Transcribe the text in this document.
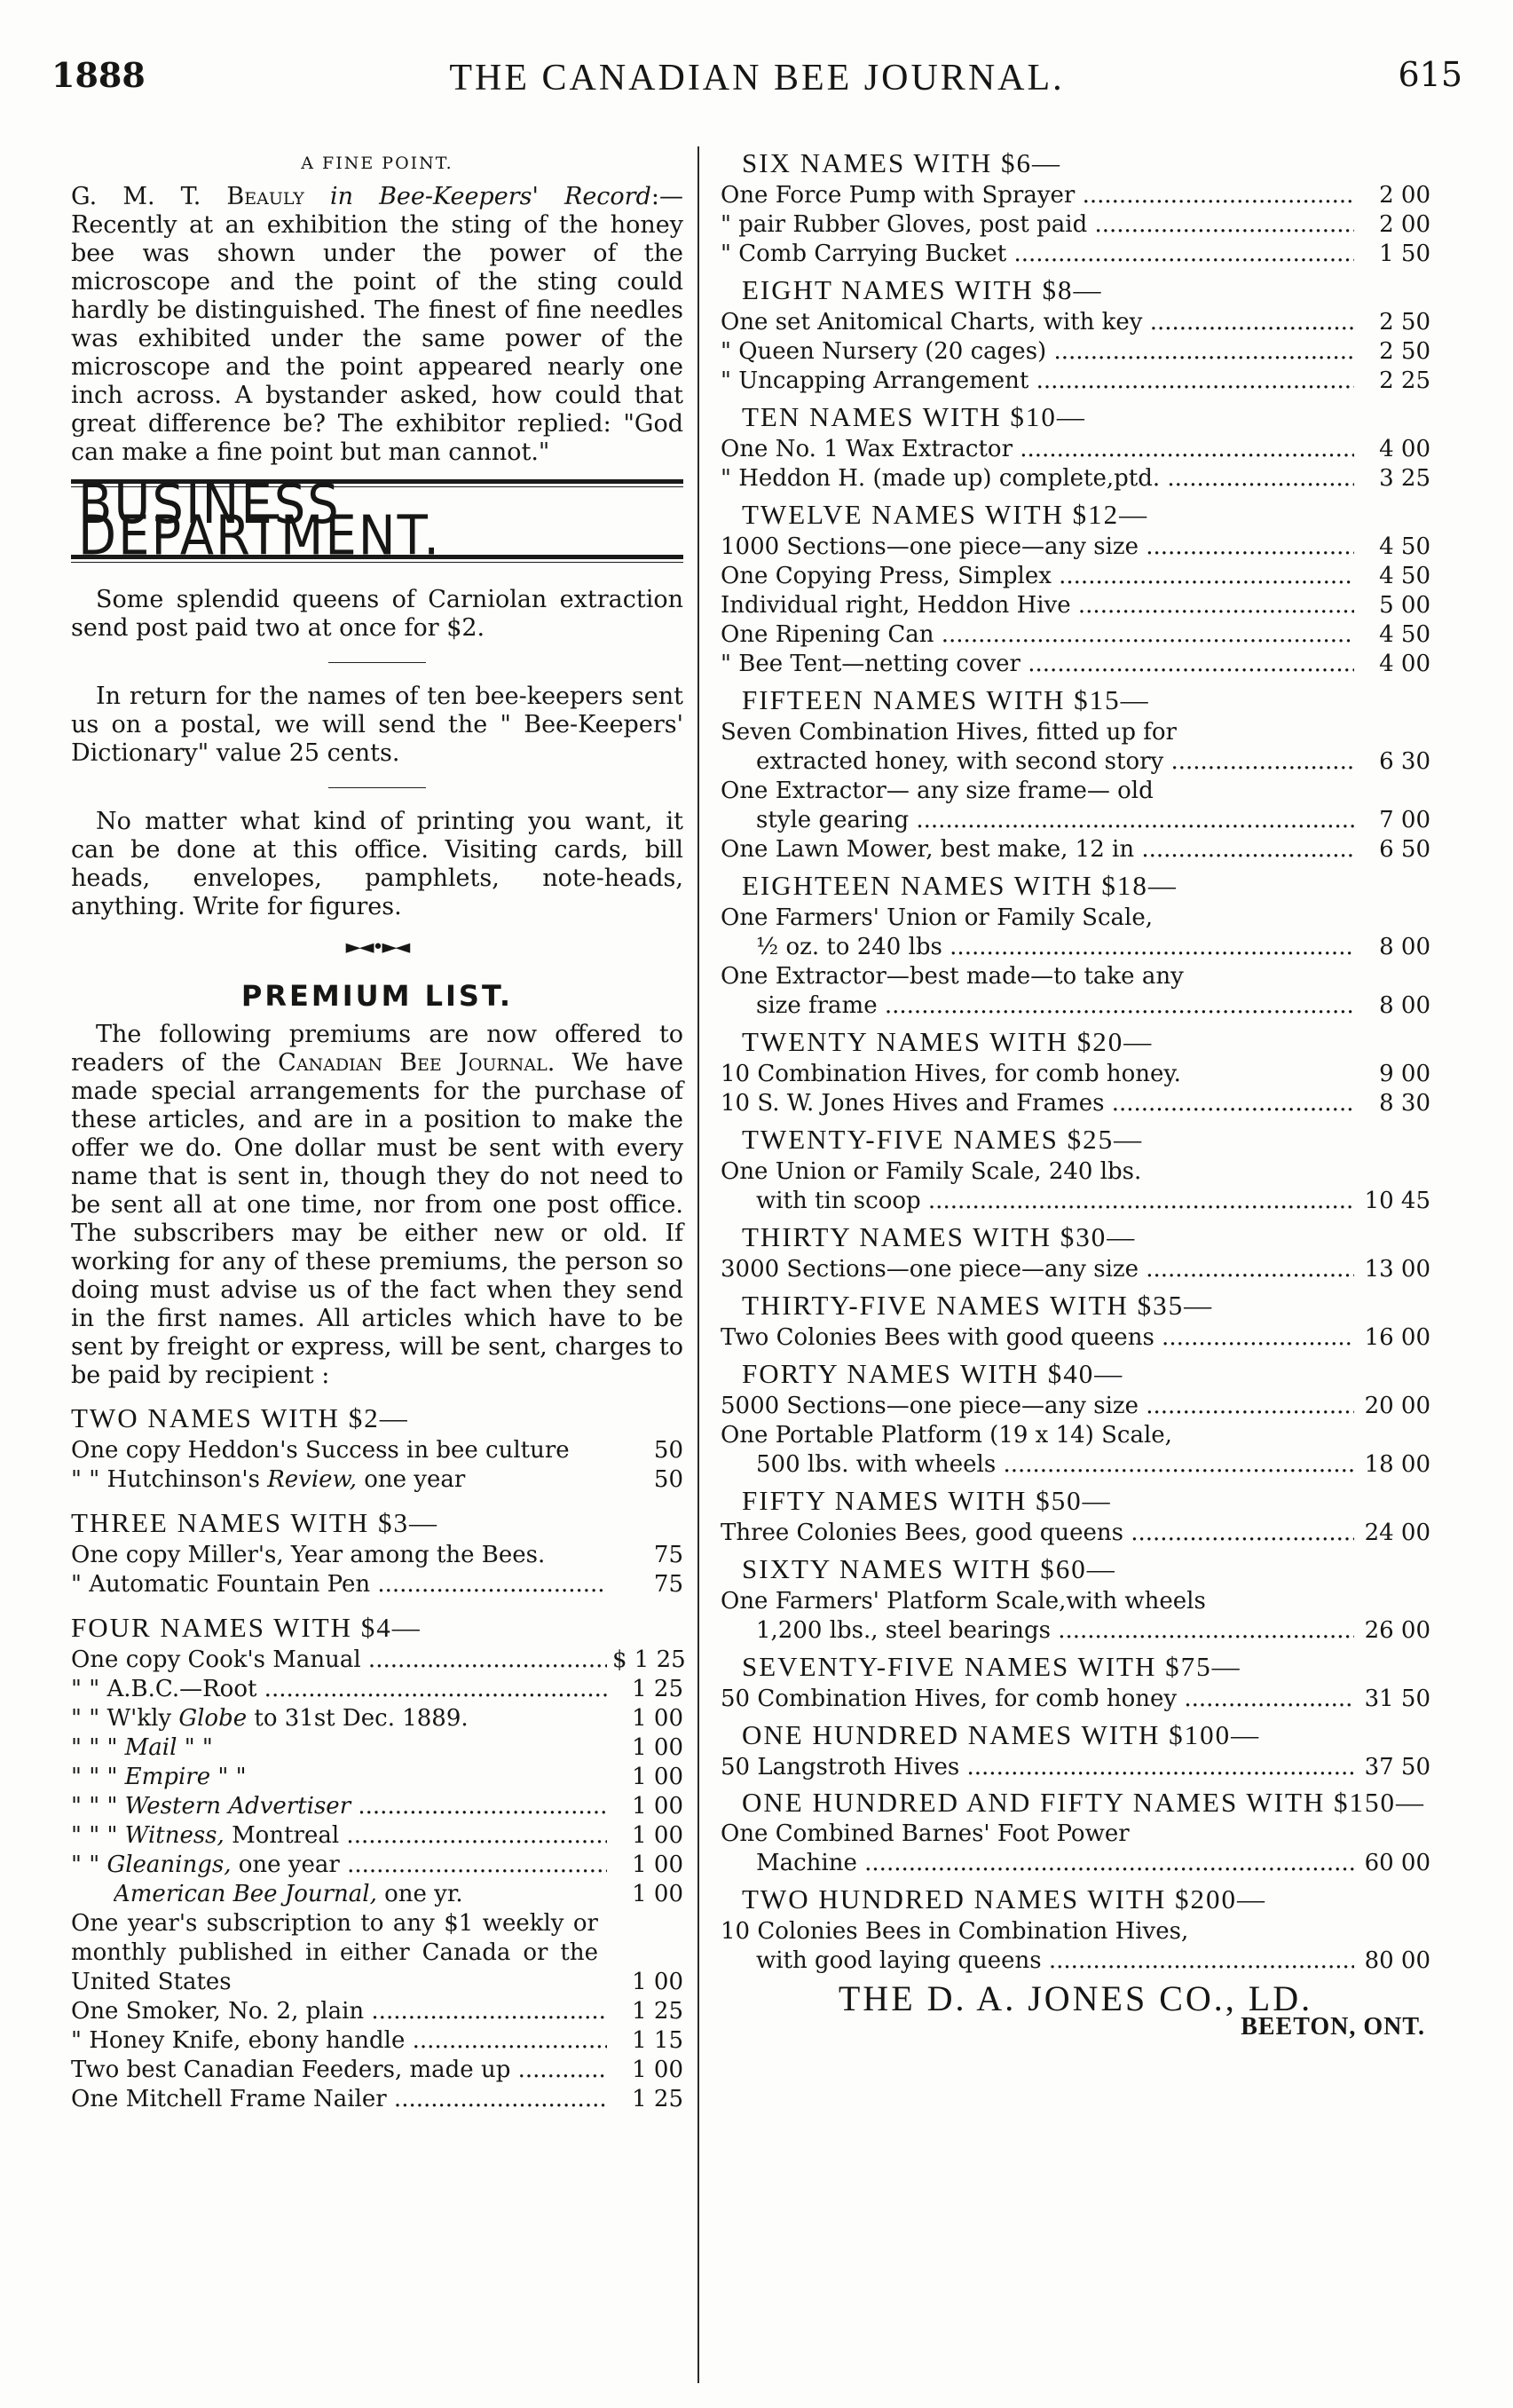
1888	THE CANADIAN BEE JOURNAL.	615
A FINE POINT.

G. M. T. Beauly in Bee-Keepers' Record:— Recently at an exhibition the sting of the honey bee was shown under the power of the microscope and the point of the sting could hardly be distinguished. The finest of fine needles was exhibited under the same power of the microscope and the point appeared nearly one inch across. A bystander asked, how could that great difference be? The exhibitor replied: "God can make a fine point but man cannot."

BUSINESS DEPARTMENT.

Some splendid queens of Carniolan extraction send post paid two at once for $2.

In return for the names of ten bee-keepers sent us on a postal, we will send the " Bee-Keepers' Dictionary" value 25 cents.

No matter what kind of printing you want, it can be done at this office. Visiting cards, bill heads, envelopes, pamphlets, note-heads, anything. Write for figures.

►◄•►◄
PREMIUM LIST.

The following premiums are now offered to readers of the Canadian Bee Journal. We have made special arrangements for the purchase of these articles, and are in a position to make the offer we do. One dollar must be sent with every name that is sent in, though they do not need to be sent all at one time, nor from one post office. The subscribers may be either new or old. If working for any of these premiums, the person so doing must advise us of the fact when they send in the first names. All articles which have to be sent by freight or express, will be sent, charges to be paid by recipient :

TWO NAMES WITH $2—
One copy Heddon's Success in bee culture	50
" " Hutchinson's Review, one year	50
THREE NAMES WITH $3—
One copy Miller's, Year among the Bees.	75
" Automatic Fountain Pen .....	75
FOUR NAMES WITH $4—
One copy Cook's Manual .....	$ 1 25
" " A.B.C.—Root .....	1 25
" " W'kly Globe to 31st Dec. 1889.	1 00
" " " Mail " "	1 00
" " " Empire " "	1 00
" " " Western Advertiser .....	1 00
" " " Witness, Montreal .....	1 00
" " Gleanings, one year .....	1 00
American Bee Journal, one yr.	1 00
One year's subscription to any $1 weekly or monthly published in either Canada or the United States	1 00
One Smoker, No. 2, plain .....	1 25
" Honey Knife, ebony handle .....	1 15
Two best Canadian Feeders, made up .....	1 00
One Mitchell Frame Nailer .....	1 25
SIX NAMES WITH $6—
One Force Pump with Sprayer .....	2 00
" pair Rubber Gloves, post paid .....	2 00
" Comb Carrying Bucket .....	1 50
EIGHT NAMES WITH $8—
One set Anitomical Charts, with key .....	2 50
" Queen Nursery (20 cages) .....	2 50
" Uncapping Arrangement .....	2 25
TEN NAMES WITH $10—
One No. 1 Wax Extractor .....	4 00
" Heddon H. (made up) complete,ptd. .....	3 25
TWELVE NAMES WITH $12—
1000 Sections—one piece—any size .....	4 50
One Copying Press, Simplex .....	4 50
Individual right, Heddon Hive .....	5 00
One Ripening Can .....	4 50
" Bee Tent—netting cover .....	4 00
FIFTEEN NAMES WITH $15—
Seven Combination Hives, fitted up for
extracted honey, with second story .....	6 30
One Extractor— any size frame— old
style gearing .....	7 00
One Lawn Mower, best make, 12 in .....	6 50
EIGHTEEN NAMES WITH $18—
One Farmers' Union or Family Scale,
½ oz. to 240 lbs .....	8 00
One Extractor—best made—to take any
size frame .....	8 00
TWENTY NAMES WITH $20—
10 Combination Hives, for comb honey.	9 00
10 S. W. Jones Hives and Frames .....	8 30
TWENTY-FIVE NAMES $25—
One Union or Family Scale, 240 lbs.
with tin scoop .....	10 45
THIRTY NAMES WITH $30—
3000 Sections—one piece—any size .....	13 00
THIRTY-FIVE NAMES WITH $35—
Two Colonies Bees with good queens .....	16 00
FORTY NAMES WITH $40—
5000 Sections—one piece—any size .....	20 00
One Portable Platform (19 x 14) Scale,
500 lbs. with wheels .....	18 00
FIFTY NAMES WITH $50—
Three Colonies Bees, good queens .....	24 00
SIXTY NAMES WITH $60—
One Farmers' Platform Scale,with wheels
1,200 lbs., steel bearings .....	26 00
SEVENTY-FIVE NAMES WITH $75—
50 Combination Hives, for comb honey .....	31 50
ONE HUNDRED NAMES WITH $100—
50 Langstroth Hives .....	37 50
ONE HUNDRED AND FIFTY NAMES WITH $150—
One Combined Barnes' Foot Power
Machine .....	60 00
TWO HUNDRED NAMES WITH $200—
10 Colonies Bees in Combination Hives,
with good laying queens .....	80 00
THE D. A. JONES CO., LD.
BEETON, ONT.
